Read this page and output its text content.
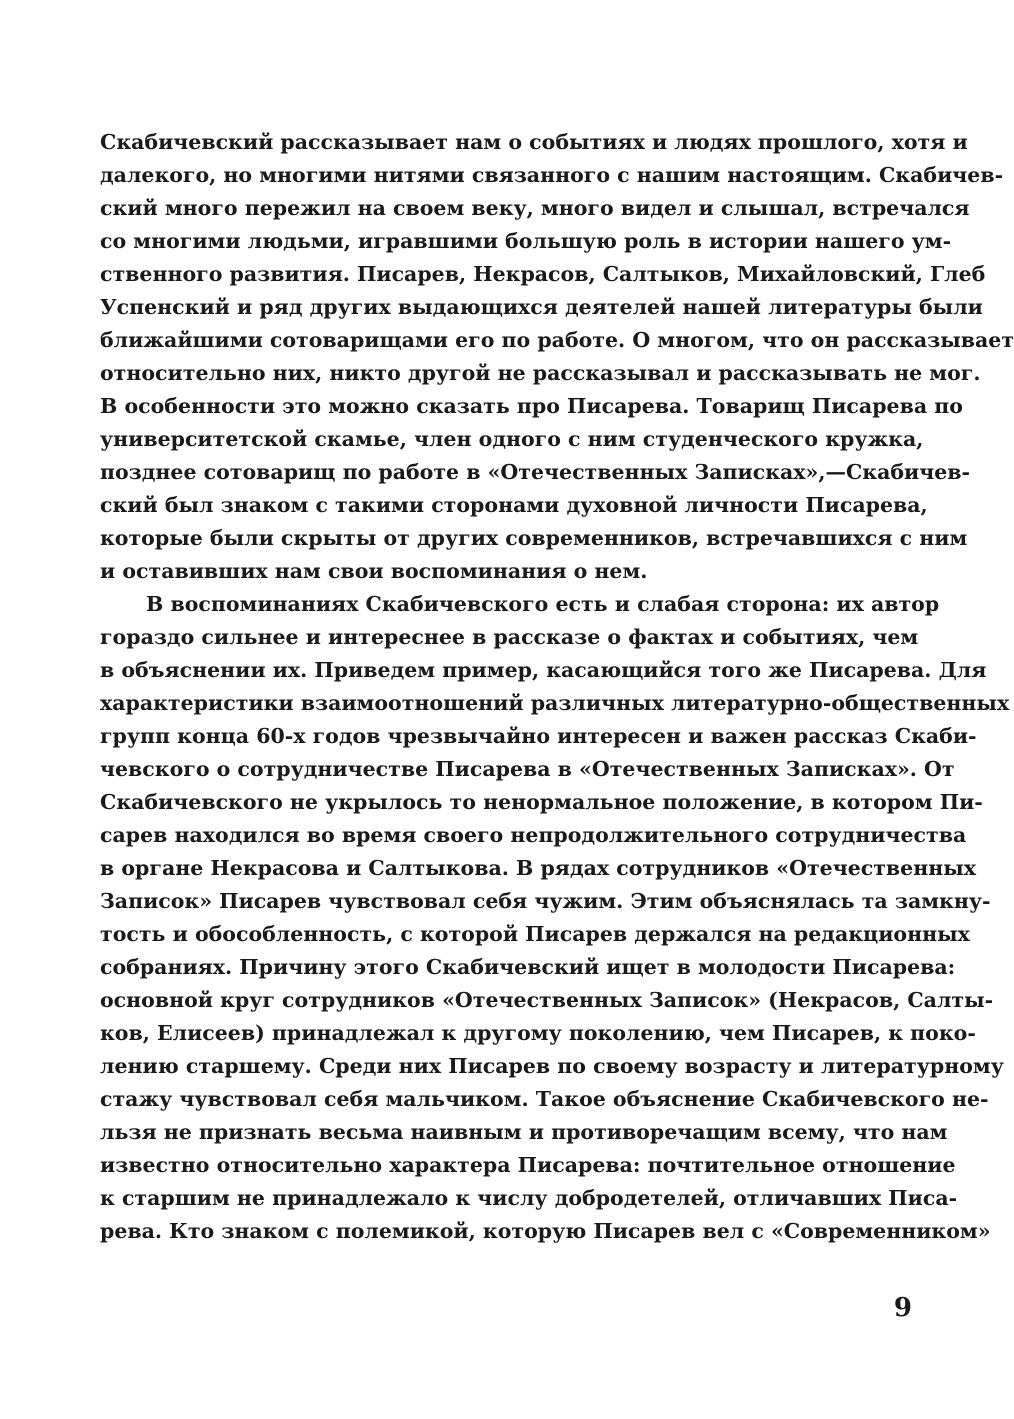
Скабичевский рассказывает нам о событиях и людях прошлого, хотя и
далекого, но многими нитями связанного с нашим настоящим. Скабичев-
ский много пережил на своем веку, много видел и слышал, встречался
со многими людьми, игравшими большую роль в истории нашего ум-
ственного развития. Писарев, Некрасов, Салтыков, Михайловский, Глеб
Успенский и ряд других выдающихся деятелей нашей литературы были
ближайшими сотоварищами его по работе. О многом, что он рассказывает
относительно них, никто другой не рассказывал и рассказывать не мог.
В особенности это можно сказать про Писарева. Товарищ Писарева по
университетской скамье, член одного с ним студенческого кружка,
позднее сотоварищ по работе в «Отечественных Записках»,—Скабичев-
ский был знаком с такими сторонами духовной личности Писарева,
которые были скрыты от других современников, встречавшихся с ним
и оставивших нам свои воспоминания о нем.
В воспоминаниях Скабичевского есть и слабая сторона: их автор
гораздо сильнее и интереснее в рассказе о фактах и событиях, чем
в объяснении их. Приведем пример, касающийся того же Писарева. Для
характеристики взаимоотношений различных литературно-общественных
групп конца 60-х годов чрезвычайно интересен и важен рассказ Скаби-
чевского о сотрудничестве Писарева в «Отечественных Записках». От
Скабичевского не укрылось то ненормальное положение, в котором Пи-
сарев находился во время своего непродолжительного сотрудничества
в органе Некрасова и Салтыкова. В рядах сотрудников «Отечественных
Записок» Писарев чувствовал себя чужим. Этим объяснялась та замкну-
тость и обособленность, с которой Писарев держался на редакционных
собраниях. Причину этого Скабичевский ищет в молодости Писарева:
основной круг сотрудников «Отечественных Записок» (Некрасов, Салты-
ков, Елисеев) принадлежал к другому поколению, чем Писарев, к поко-
лению старшему. Среди них Писарев по своему возрасту и литературному
стажу чувствовал себя мальчиком. Такое объяснение Скабичевского не-
льзя не признать весьма наивным и противоречащим всему, что нам
известно относительно характера Писарева: почтительное отношение
к старшим не принадлежало к числу добродетелей, отличавших Писа-
рева. Кто знаком с полемикой, которую Писарев вел с «Современником»
9
